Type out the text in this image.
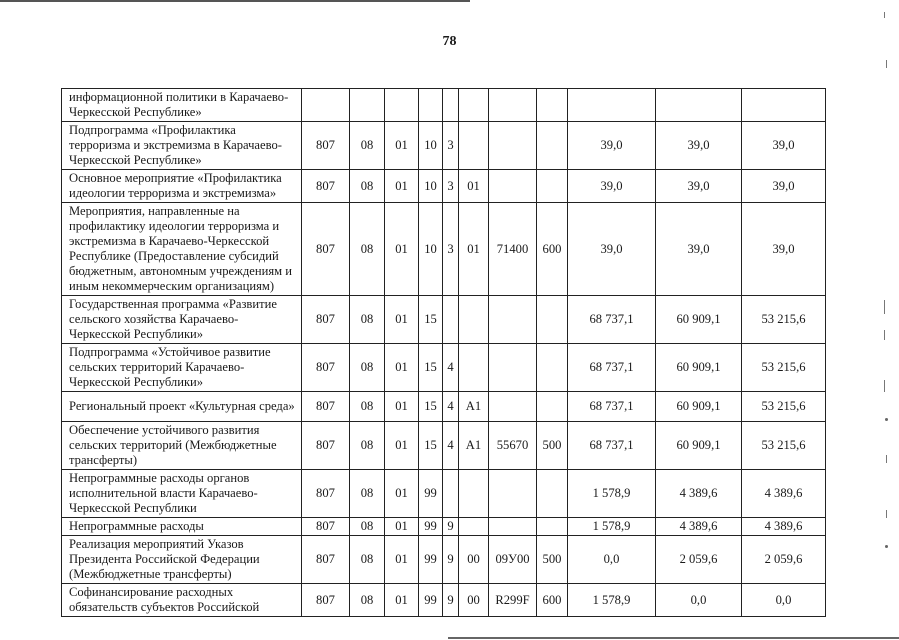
78
информационной политики в Карачаево-Черкесской Республике»											
Подпрограмма «Профилактика терроризма и экстремизма в Карачаево-Черкесской Республике»	807	08	01	10	3				39,0	39,0	39,0
Основное мероприятие «Профилактика идеологии терроризма и экстремизма»	807	08	01	10	3	01			39,0	39,0	39,0
Мероприятия, направленные на профилактику идеологии терроризма и экстремизма в Карачаево-Черкесской Республике (Предоставление субсидий бюджетным, автономным учреждениям и иным некоммерческим организациям)	807	08	01	10	3	01	71400	600	39,0	39,0	39,0
Государственная программа «Развитие сельского хозяйства Карачаево-Черкесской Республики»	807	08	01	15					68 737,1	60 909,1	53 215,6
Подпрограмма «Устойчивое развитие сельских территорий Карачаево-Черкесской Республики»	807	08	01	15	4				68 737,1	60 909,1	53 215,6
Региональный проект «Культурная среда»	807	08	01	15	4	А1			68 737,1	60 909,1	53 215,6
Обеспечение устойчивого развития сельских территорий (Межбюджетные трансферты)	807	08	01	15	4	А1	55670	500	68 737,1	60 909,1	53 215,6
Непрограммные расходы органов исполнительной власти Карачаево-Черкесской Республики	807	08	01	99					1 578,9	4 389,6	4 389,6
Непрограммные расходы	807	08	01	99	9				1 578,9	4 389,6	4 389,6
Реализация мероприятий Указов Президента Российской Федерации (Межбюджетные трансферты)	807	08	01	99	9	00	09У00	500	0,0	2 059,6	2 059,6
Софинансирование расходных обязательств субъектов Российской	807	08	01	99	9	00	R299F	600	1 578,9	0,0	0,0
